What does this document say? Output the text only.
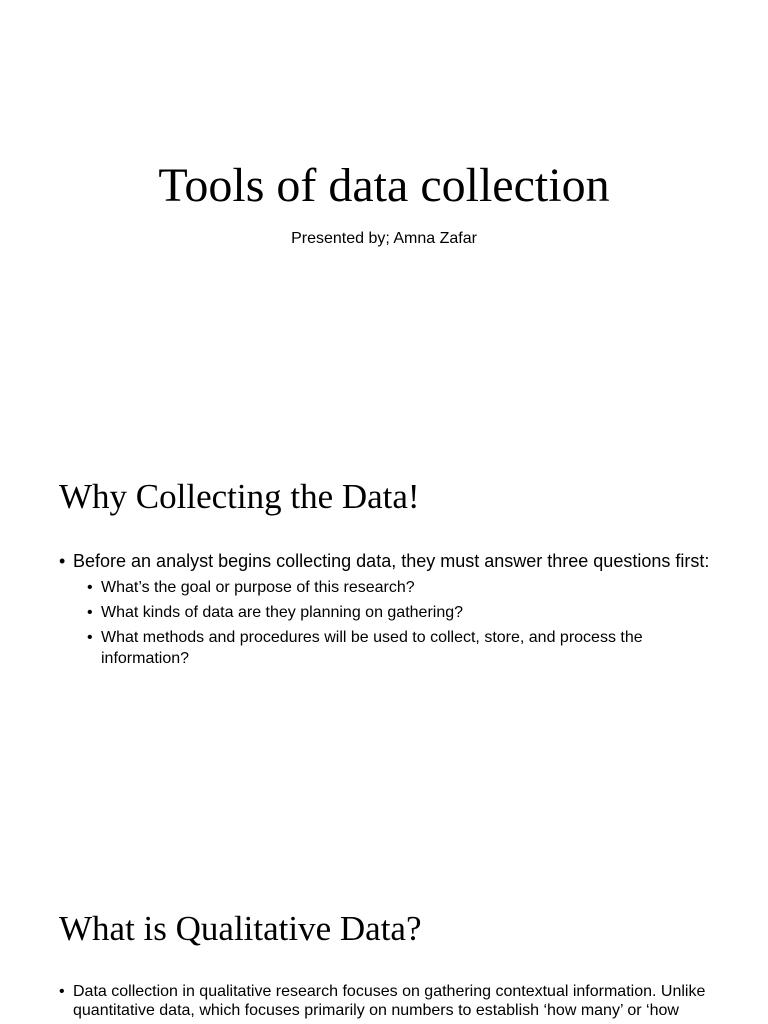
Tools of data collection

Presented by; Amna Zafar

Why Collecting the Data!
• Before an analyst begins collecting data, they must answer three questions first:
• What’s the goal or purpose of this research?
• What kinds of data are they planning on gathering?
• What methods and procedures will be used to collect, store, and process the information?
What is Qualitative Data?
• Data collection in qualitative research focuses on gathering contextual information. Unlike quantitative data, which focuses primarily on numbers to establish ‘how many’ or ‘how
